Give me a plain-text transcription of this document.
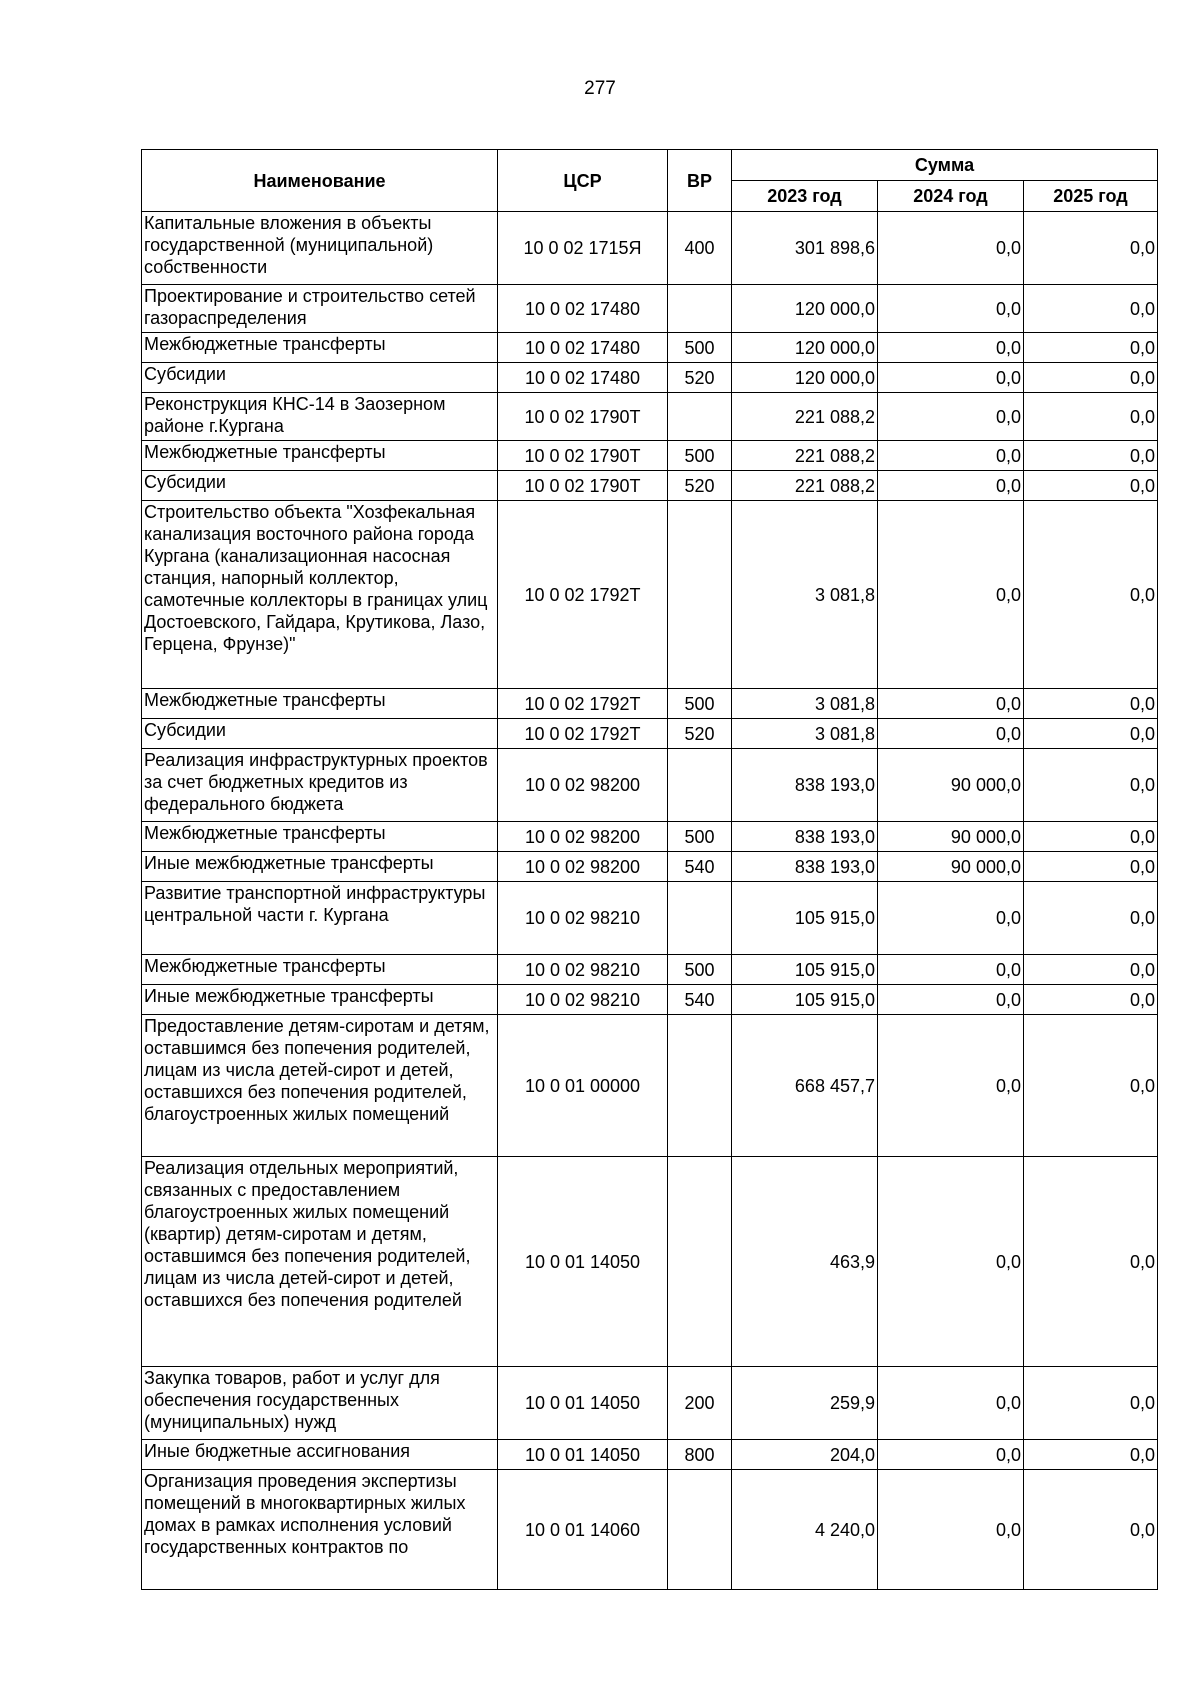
277
Наименование	ЦСР	ВР	Сумма		
			2023 год	2024 год	2025 год
Капитальные вложения в объекты государственной (муниципальной) собственности	10 0 02 1715Я	400	301 898,6	0,0	0,0
Проектирование и строительство сетей газораспределения	10 0 02 17480		120 000,0	0,0	0,0
Межбюджетные трансферты	10 0 02 17480	500	120 000,0	0,0	0,0
Субсидии	10 0 02 17480	520	120 000,0	0,0	0,0
Реконструкция КНС-14 в Заозерном районе г.Кургана	10 0 02 1790Т		221 088,2	0,0	0,0
Межбюджетные трансферты	10 0 02 1790Т	500	221 088,2	0,0	0,0
Субсидии	10 0 02 1790Т	520	221 088,2	0,0	0,0
Строительство объекта "Хозфекальная канализация восточного района города Кургана (канализационная насосная станция, напорный коллектор, самотечные коллекторы в границах улиц Достоевского, Гайдара, Крутикова, Лазо, Герцена, Фрунзе)"	10 0 02 1792Т		3 081,8	0,0	0,0
Межбюджетные трансферты	10 0 02 1792Т	500	3 081,8	0,0	0,0
Субсидии	10 0 02 1792Т	520	3 081,8	0,0	0,0
Реализация инфраструктурных проектов за счет бюджетных кредитов из федерального бюджета	10 0 02 98200		838 193,0	90 000,0	0,0
Межбюджетные трансферты	10 0 02 98200	500	838 193,0	90 000,0	0,0
Иные межбюджетные трансферты	10 0 02 98200	540	838 193,0	90 000,0	0,0
Развитие транспортной инфраструктуры центральной части г. Кургана	10 0 02 98210		105 915,0	0,0	0,0
Межбюджетные трансферты	10 0 02 98210	500	105 915,0	0,0	0,0
Иные межбюджетные трансферты	10 0 02 98210	540	105 915,0	0,0	0,0
Предоставление детям-сиротам и детям, оставшимся без попечения родителей, лицам из числа детей-сирот и детей, оставшихся без попечения родителей, благоустроенных жилых помещений	10 0 01 00000		668 457,7	0,0	0,0
Реализация отдельных мероприятий, связанных с предоставлением благоустроенных жилых помещений (квартир) детям-сиротам и детям, оставшимся без попечения родителей, лицам из числа детей-сирот и детей, оставшихся без попечения родителей	10 0 01 14050		463,9	0,0	0,0
Закупка товаров, работ и услуг для обеспечения государственных (муниципальных) нужд	10 0 01 14050	200	259,9	0,0	0,0
Иные бюджетные ассигнования	10 0 01 14050	800	204,0	0,0	0,0
Организация проведения экспертизы помещений в многоквартирных жилых домах в рамках исполнения условий государственных контрактов по	10 0 01 14060		4 240,0	0,0	0,0
